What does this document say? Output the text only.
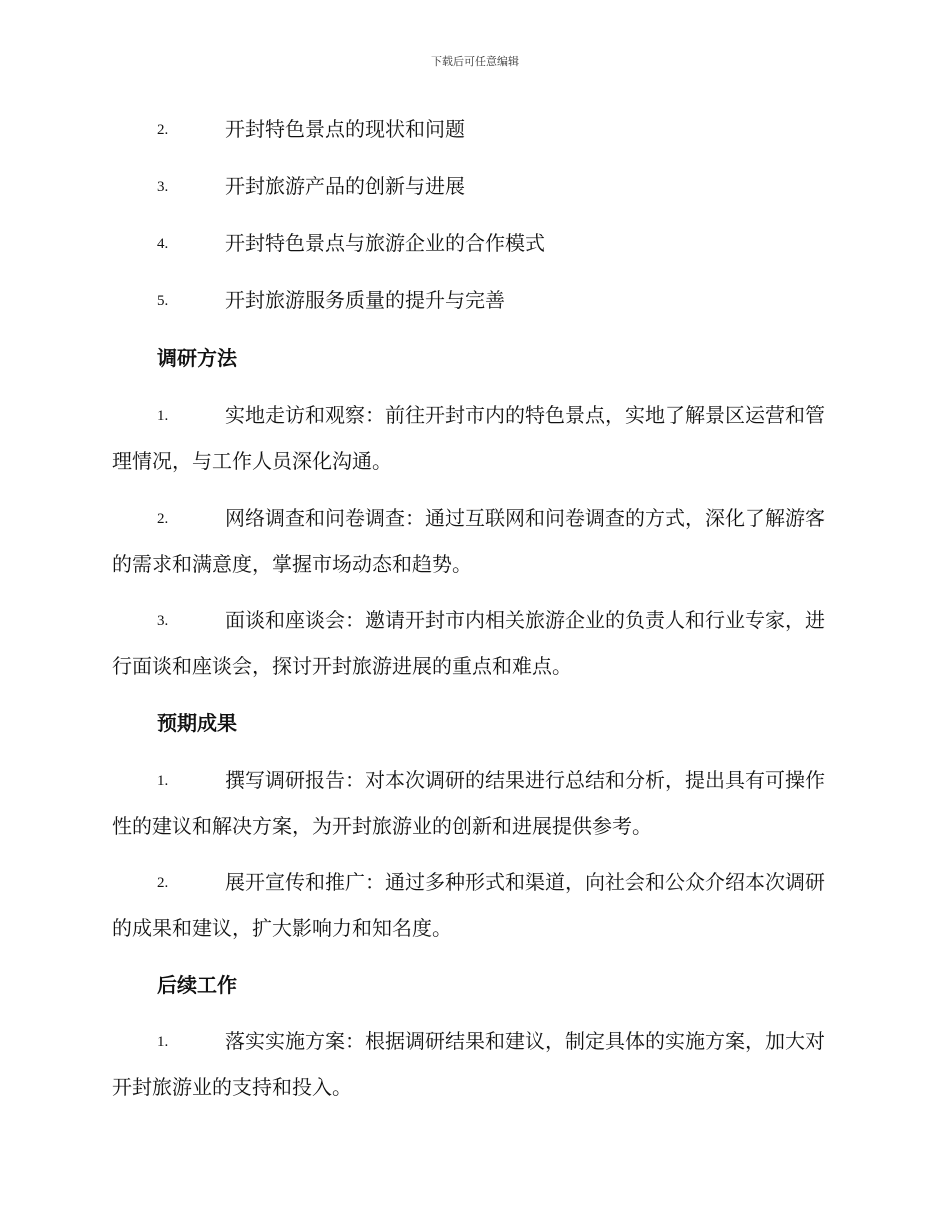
下载后可任意编辑
2.	开封特色景点的现状和问题
3.	开封旅游产品的创新与进展
4.	开封特色景点与旅游企业的合作模式
5.	开封旅游服务质量的提升与完善
调研方法
1.	实地走访和观察：前往开封市内的特色景点，实地了解景区运营和管理情况，与工作人员深化沟通。
2.	网络调查和问卷调查：通过互联网和问卷调查的方式，深化了解游客的需求和满意度，掌握市场动态和趋势。
3.	面谈和座谈会：邀请开封市内相关旅游企业的负责人和行业专家，进行面谈和座谈会，探讨开封旅游进展的重点和难点。
预期成果
1.	撰写调研报告：对本次调研的结果进行总结和分析，提出具有可操作性的建议和解决方案，为开封旅游业的创新和进展提供参考。
2.	展开宣传和推广：通过多种形式和渠道，向社会和公众介绍本次调研的成果和建议，扩大影响力和知名度。
后续工作
1.	落实实施方案：根据调研结果和建议，制定具体的实施方案，加大对开封旅游业的支持和投入。
